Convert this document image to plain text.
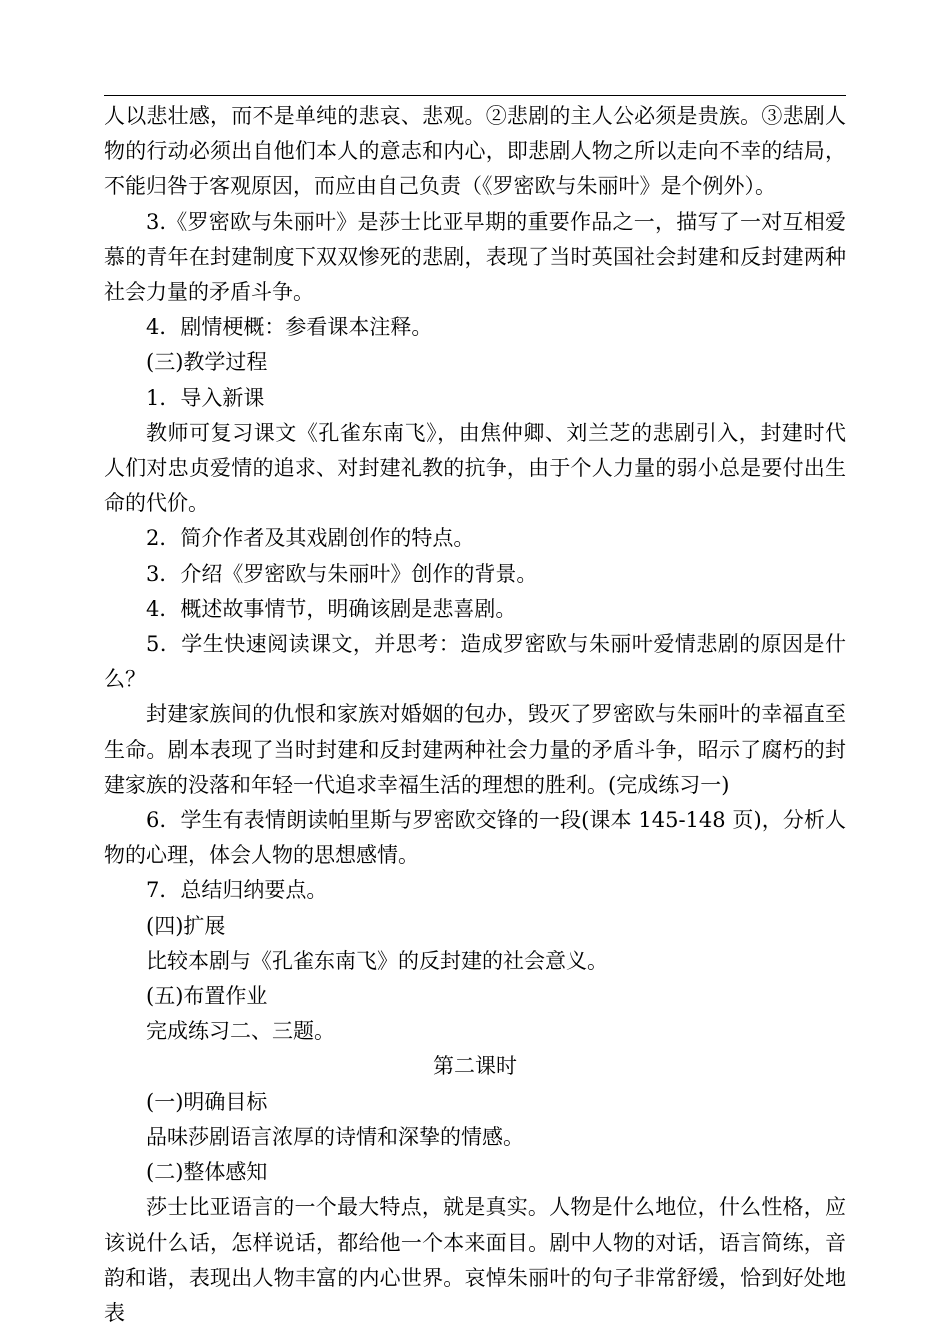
人以悲壮感，而不是单纯的悲哀、悲观。②悲剧的主人公必须是贵族。③悲剧人物的行动必须出自他们本人的意志和内心，即悲剧人物之所以走向不幸的结局，不能归咎于客观原因，而应由自己负责（《罗密欧与朱丽叶》是个例外）。

3.《罗密欧与朱丽叶》是莎士比亚早期的重要作品之一，描写了一对互相爱慕的青年在封建制度下双双惨死的悲剧，表现了当时英国社会封建和反封建两种社会力量的矛盾斗争。

4．剧情梗概：参看课本注释。

(三)教学过程

1．导入新课

教师可复习课文《孔雀东南飞》，由焦仲卿、刘兰芝的悲剧引入，封建时代人们对忠贞爱情的追求、对封建礼教的抗争，由于个人力量的弱小总是要付出生命的代价。

2．简介作者及其戏剧创作的特点。

3．介绍《罗密欧与朱丽叶》创作的背景。

4．概述故事情节，明确该剧是悲喜剧。

5．学生快速阅读课文，并思考：造成罗密欧与朱丽叶爱情悲剧的原因是什么？

封建家族间的仇恨和家族对婚姻的包办，毁灭了罗密欧与朱丽叶的幸福直至生命。剧本表现了当时封建和反封建两种社会力量的矛盾斗争，昭示了腐朽的封建家族的没落和年轻一代追求幸福生活的理想的胜利。(完成练习一)

6．学生有表情朗读帕里斯与罗密欧交锋的一段(课本 145-148 页)，分析人物的心理，体会人物的思想感情。

7．总结归纳要点。

(四)扩展

比较本剧与《孔雀东南飞》的反封建的社会意义。

(五)布置作业

完成练习二、三题。

第二课时

(一)明确目标

品味莎剧语言浓厚的诗情和深挚的情感。

(二)整体感知

莎士比亚语言的一个最大特点，就是真实。人物是什么地位，什么性格，应该说什么话，怎样说话，都给他一个本来面目。剧中人物的对话，语言简练，音韵和谐，表现出人物丰富的内心世界。哀悼朱丽叶的句子非常舒缓，恰到好处地表
